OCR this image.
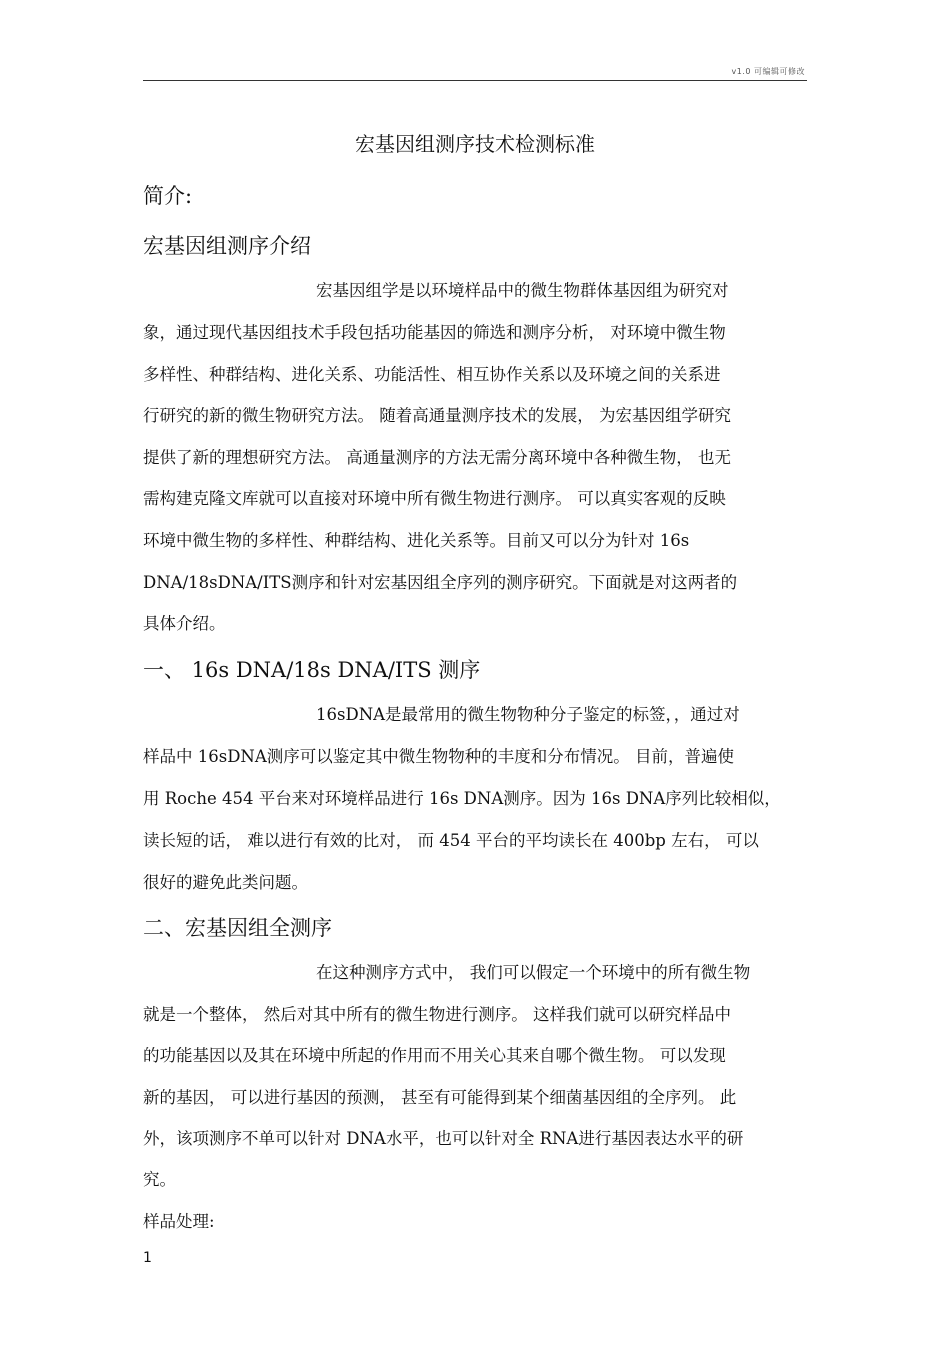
v1.0 可编辑可修改
宏基因组测序技术检测标准
简介:
宏基因组测序介绍
宏基因组学是以环境样品中的微生物群体基因组为研究对
象，通过现代基因组技术手段包括功能基因的筛选和测序分析， 对环境中微生物
多样性、种群结构、进化关系、功能活性、相互协作关系以及环境之间的关系进
行研究的新的微生物研究方法。 随着高通量测序技术的发展， 为宏基因组学研究
提供了新的理想研究方法。 高通量测序的方法无需分离环境中各种微生物， 也无
需构建克隆文库就可以直接对环境中所有微生物进行测序。 可以真实客观的反映
环境中微生物的多样性、种群结构、进化关系等。目前又可以分为针对 16s
DNA/18sDNA/ITS测序和针对宏基因组全序列的测序研究。下面就是对这两者的
具体介绍。
一、 16s DNA/18s DNA/ITS 测序
16sDNA是最常用的微生物物种分子鉴定的标签，，通过对
样品中 16sDNA测序可以鉴定其中微生物物种的丰度和分布情况。 目前，普遍使
用 Roche 454 平台来对环境样品进行 16s DNA测序。因为 16s DNA序列比较相似，
读长短的话， 难以进行有效的比对， 而 454 平台的平均读长在 400bp 左右， 可以
很好的避免此类问题。
二、宏基因组全测序
在这种测序方式中， 我们可以假定一个环境中的所有微生物
就是一个整体， 然后对其中所有的微生物进行测序。 这样我们就可以研究样品中
的功能基因以及其在环境中所起的作用而不用关心其来自哪个微生物。 可以发现
新的基因， 可以进行基因的预测， 甚至有可能得到某个细菌基因组的全序列。 此
外，该项测序不单可以针对 DNA水平，也可以针对全 RNA进行基因表达水平的研
究。
样品处理:
1
